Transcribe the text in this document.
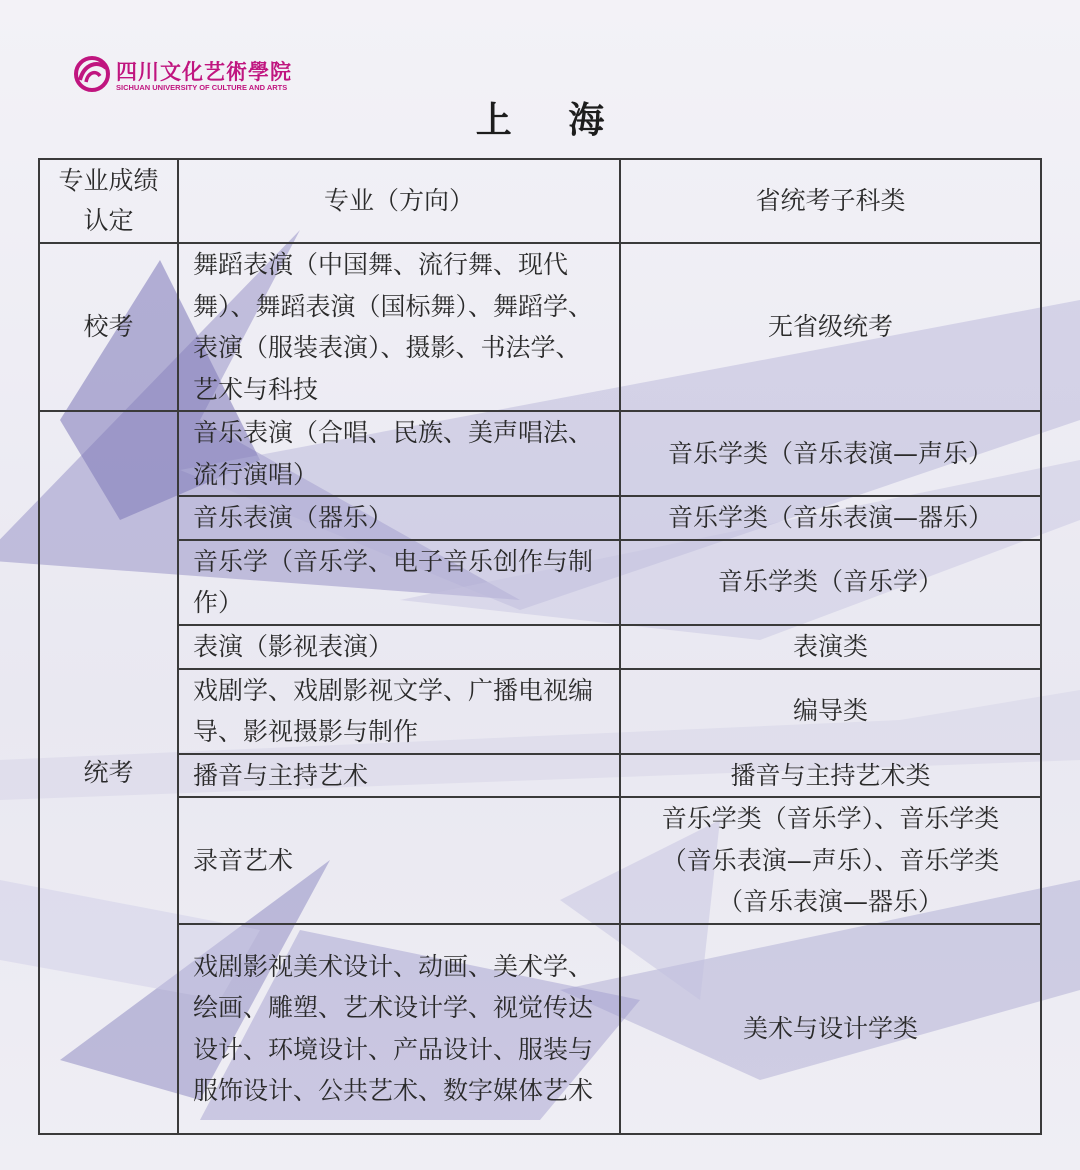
四川文化艺術學院
SICHUAN UNIVERSITY OF CULTURE AND ARTS
上 海
专业成绩认定	专业（方向）	省统考子科类
校考	舞蹈表演（中国舞、流行舞、现代舞）、舞蹈表演（国标舞）、舞蹈学、表演（服装表演）、摄影、书法学、艺术与科技	无省级统考
统考	音乐表演（合唱、民族、美声唱法、流行演唱）	音乐学类（音乐表演—声乐）
	音乐表演（器乐）	音乐学类（音乐表演—器乐）
	音乐学（音乐学、电子音乐创作与制作）	音乐学类（音乐学）
	表演（影视表演）	表演类
	戏剧学、戏剧影视文学、广播电视编导、影视摄影与制作	编导类
	播音与主持艺术	播音与主持艺术类
	录音艺术	音乐学类（音乐学）、音乐学类（音乐表演—声乐）、音乐学类（音乐表演—器乐）
	戏剧影视美术设计、动画、美术学、绘画、雕塑、艺术设计学、视觉传达设计、环境设计、产品设计、服装与服饰设计、公共艺术、数字媒体艺术	美术与设计学类
